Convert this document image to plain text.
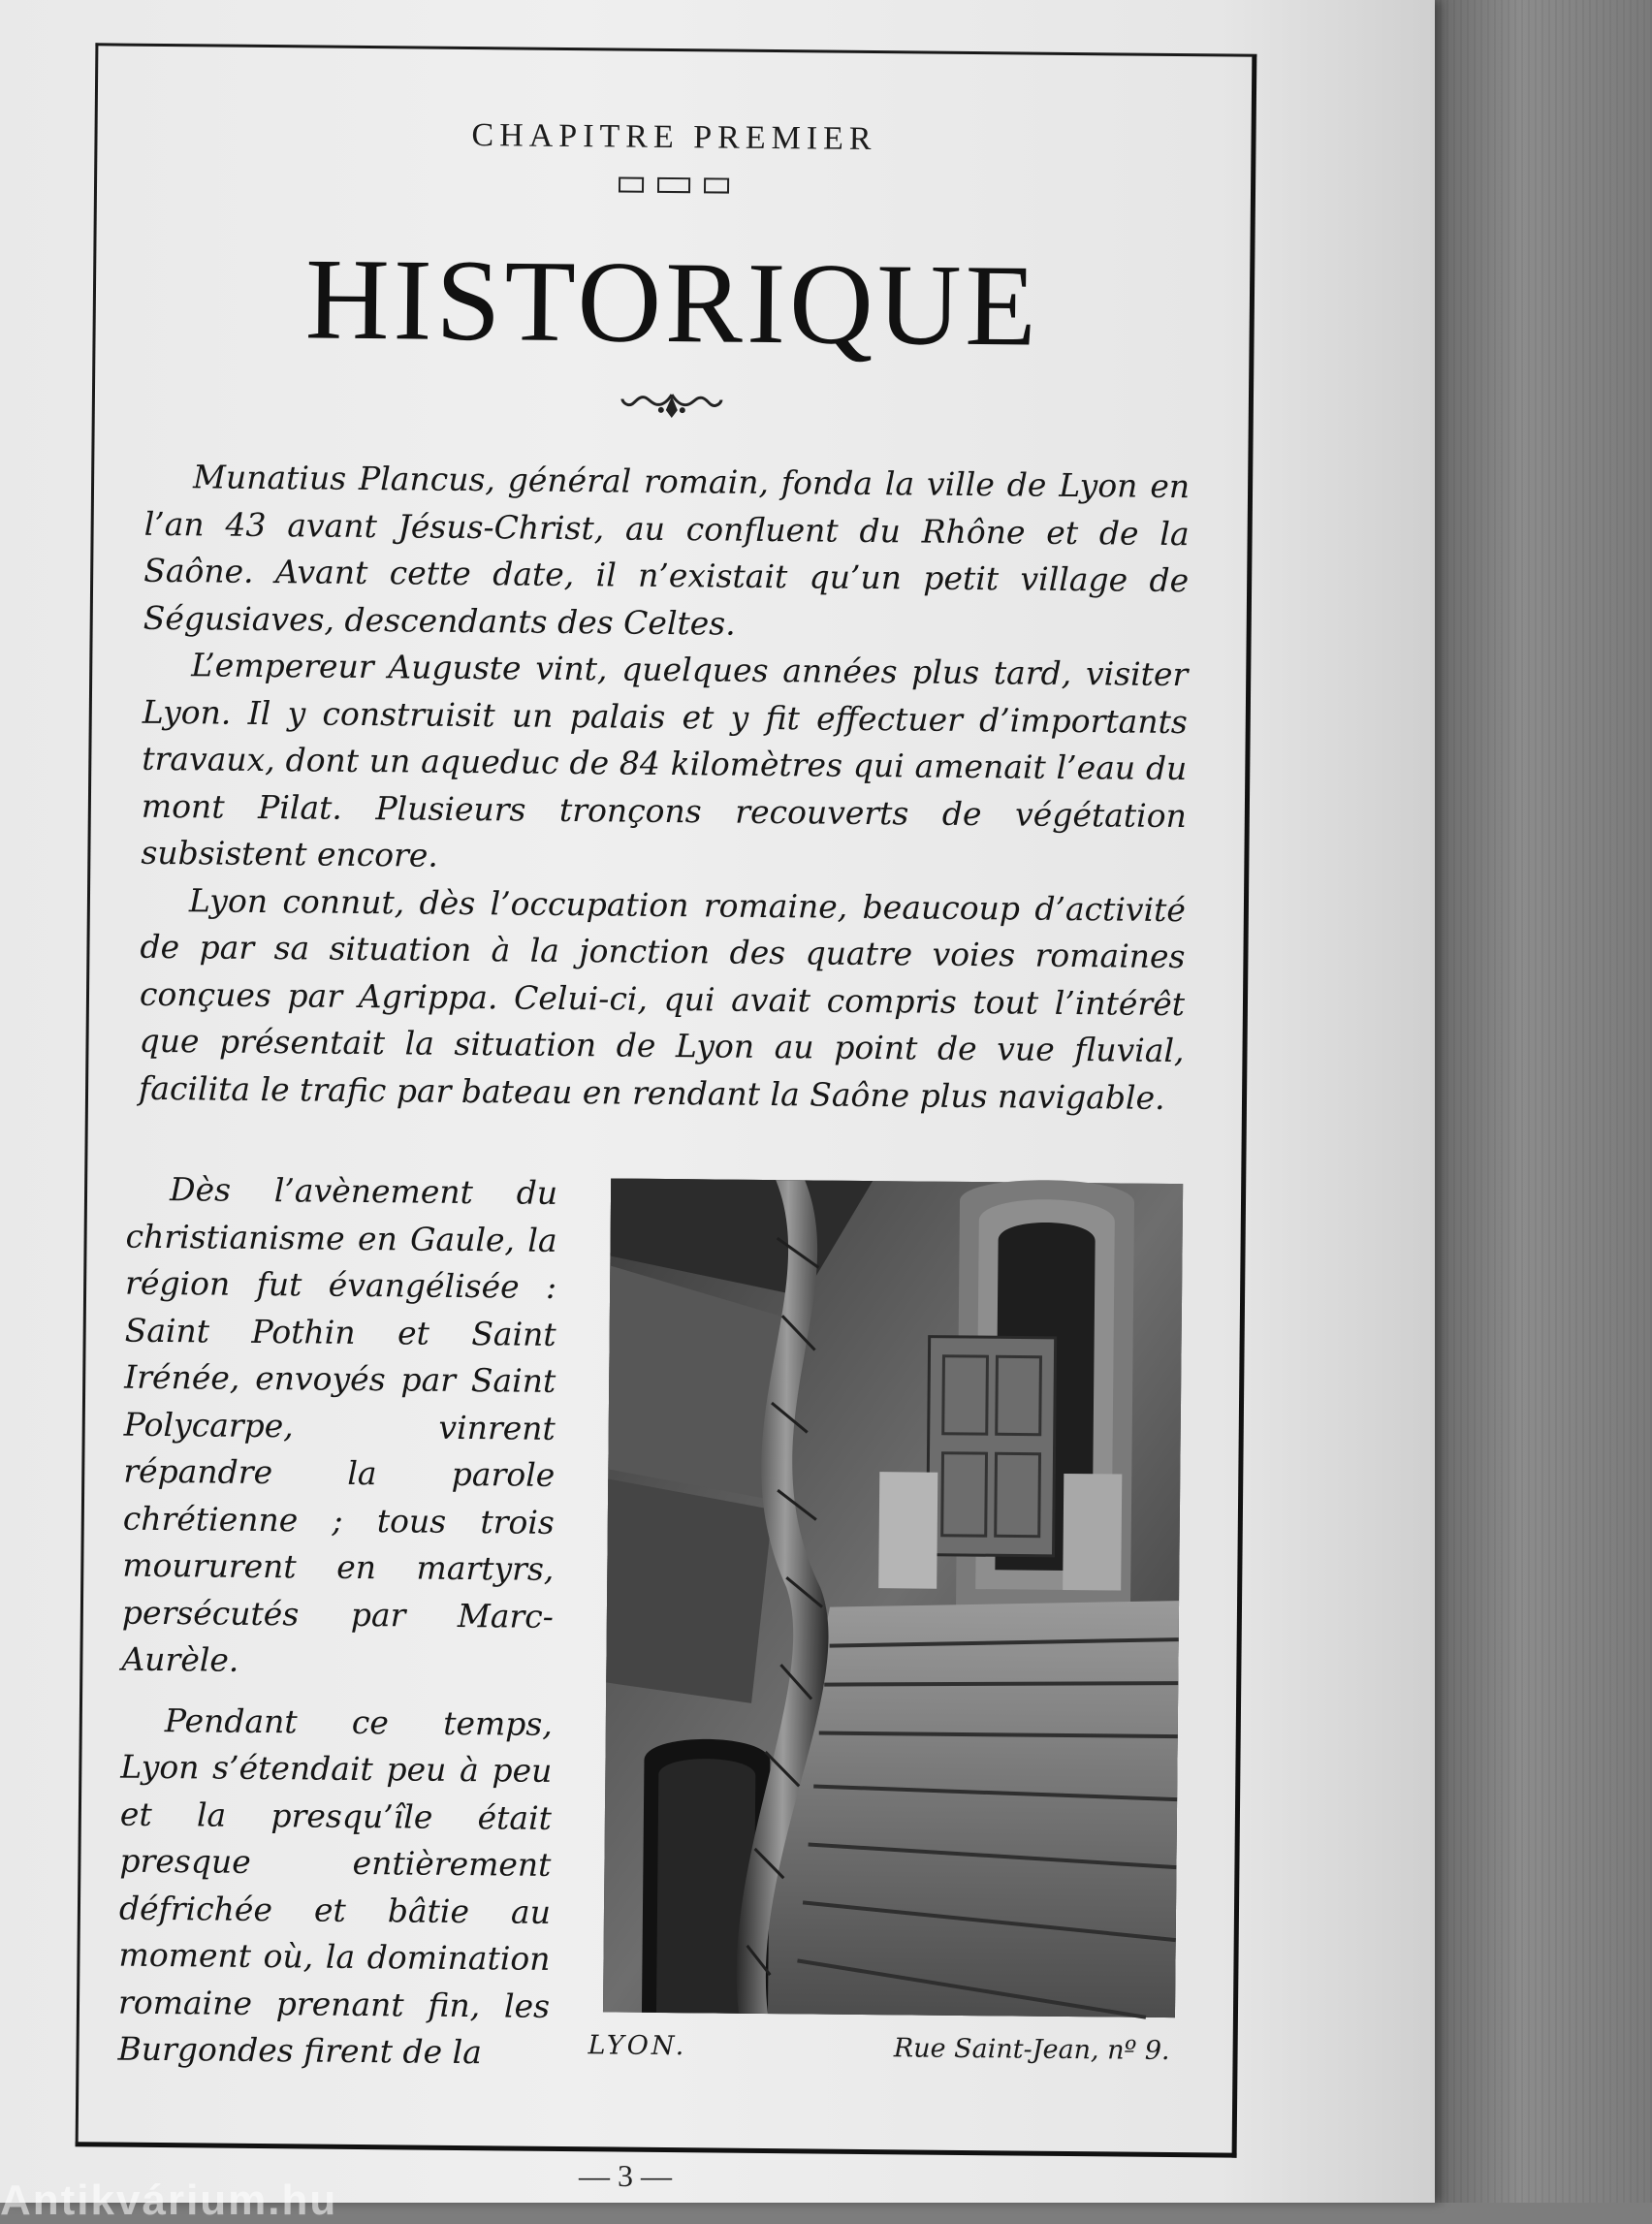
CHAPITRE PREMIER
HISTORIQUE

Munatius Plancus, général romain, fonda la ville de Lyon en l’an 43 avant Jésus-Christ, au confluent du Rhône et de la Saône. Avant cette date, il n’existait qu’un petit village de Ségusiaves, descendants des Celtes.

L’empereur Auguste vint, quelques années plus tard, visiter Lyon. Il y construisit un palais et y fit effectuer d’importants travaux, dont un aqueduc de 84 kilomètres qui amenait l’eau du mont Pilat. Plusieurs tronçons recouverts de végétation subsistent encore.

Lyon connut, dès l’occupation romaine, beaucoup d’activité de par sa situation à la jonction des quatre voies romaines conçues par Agrippa. Celui-ci, qui avait compris tout l’intérêt que présentait la situation de Lyon au point de vue fluvial, facilita le trafic par bateau en rendant la Saône plus navigable.

Dès l’avènement du christianisme en Gaule, la région fut évangélisée : Saint Pothin et Saint Irénée, envoyés par Saint Polycarpe, vinrent répandre la parole chrétienne ; tous trois moururent en martyrs, persécutés par Marc-Aurèle.

Pendant ce temps, Lyon s’étendait peu à peu et la presqu’île était presque entièrement défrichée et bâtie au moment où, la domination romaine prenant fin, les Burgondes firent de la	LYON.	Rue Saint-Jean, nº 9.
— 3 —
Antikvárium.hu
